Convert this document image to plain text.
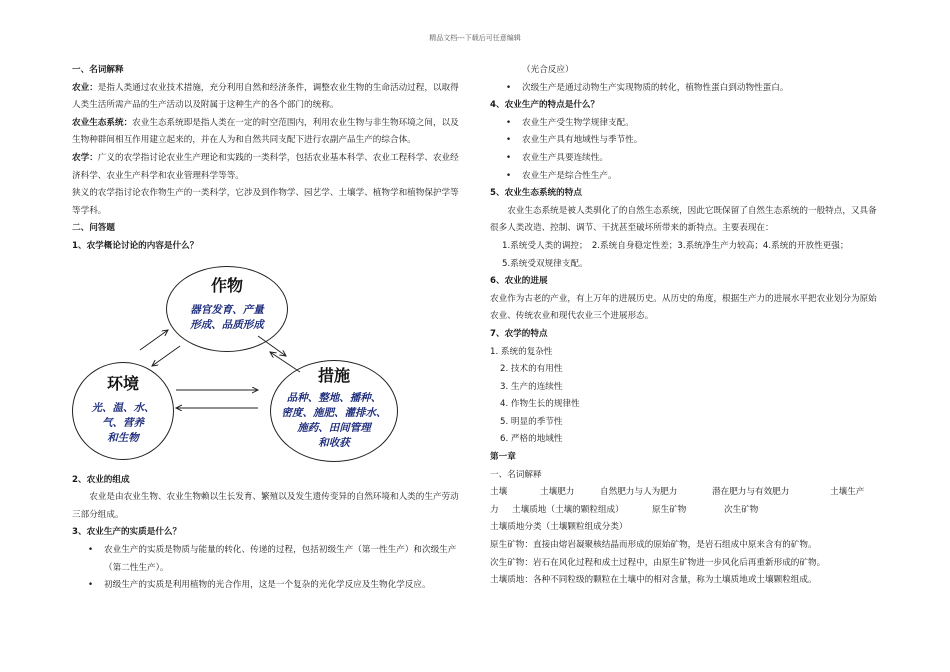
精品文档---下载后可任意编辑

一、名词解释

农业：是指人类通过农业技术措施，充分利用自然和经济条件，调整农业生物的生命活动过程，以取得人类生活所需产品的生产活动以及附属于这种生产的各个部门的统称。

农业生态系统：农业生态系统即是指人类在一定的时空范围内，利用农业生物与非生物环境之间，以及生物种群间相互作用建立起来的，并在人为和自然共同支配下进行农副产品生产的综合体。

农学：广义的农学指讨论农业生产理论和实践的一类科学，包括农业基本科学、农业工程科学、农业经济科学、农业生产科学和农业管理科学等等。

狭义的农学指讨论农作物生产的一类科学，它涉及到作物学、园艺学、土壤学、植物学和植物保护学等等学科。

二、问答题

1、农学概论讨论的内容是什么？

作物
器官发育、产量
形成、品质形成
环境
光、温、水、
气、营养
和生物
措施
品种、整地、播种、
密度、施肥、灌排水、
施药、田间管理
和收获

2、农业的组成

农业是由农业生物、农业生物赖以生长发育、繁殖以及发生遗传变异的自然环境和人类的生产劳动三部分组成。

3、农业生产的实质是什么？

• 农业生产的实质是物质与能量的转化、传递的过程，包括初级生产（第一性生产）和次级生产（第二性生产）。

• 初级生产的实质是利用植物的光合作用，这是一个复杂的光化学反应及生物化学反应。

（光合反应）

• 次级生产是通过动物生产实现物质的转化，植物性蛋白到动物性蛋白。

4、农业生产的特点是什么？

• 农业生产受生物学规律支配。

• 农业生产具有地域性与季节性。

• 农业生产具要连续性。

• 农业生产是综合性生产。

5、农业生态系统的特点

农业生态系统是被人类驯化了的自然生态系统，因此它既保留了自然生态系统的一般特点，又具备很多人类改造、控制、调节、干扰甚至破坏所带来的新特点。主要表现在：

1.系统受人类的调控；　2.系统自身稳定性差；3.系统净生产力较高；4.系统的开放性更强；

5.系统受双规律支配。

6、农业的进展

农业作为古老的产业，有上万年的进展历史。从历史的角度，根据生产力的进展水平把农业划分为原始农业、传统农业和现代农业三个进展形态。

7、农学的特点

1. 系统的复杂性

2. 技术的有用性

3. 生产的连续性

4. 作物生长的规律性

5. 明显的季节性

6. 严格的地域性

第一章

一、名词解释

土壤	土壤肥力	自然肥力与人为肥力	潜在肥力与有效肥力	土壤生产

力 土壤质地（土壤的颗粒组成）	原生矿物	次生矿物

土壤质地分类（土壤颗粒组成分类）

原生矿物：直接由熔岩凝聚核结晶而形成的原始矿物，是岩石组成中原来含有的矿物。

次生矿物：岩石在风化过程和成土过程中，由原生矿物进一步风化后再重新形成的矿物。

土壤质地：各种不同粒级的颗粒在土壤中的相对含量，称为土壤质地或土壤颗粒组成。
